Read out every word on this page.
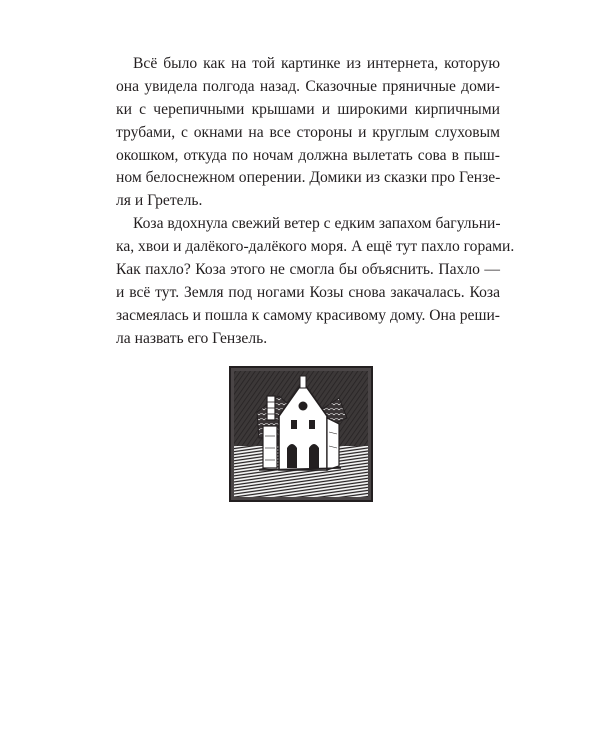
Всё было как на той картинке из интернета, которую
она увидела полгода назад. Сказочные пряничные доми-
ки с черепичными крышами и широкими кирпичными
трубами, с окнами на все стороны и круглым слуховым
окошком, откуда по ночам должна вылетать сова в пыш-
ном белоснежном оперении. Домики из сказки про Гензе-
ля и Гретель.
Коза вдохнула свежий ветер с едким запахом багульни-
ка, хвои и далёкого-далёкого моря. А ещё тут пахло горами.
Как пахло? Коза этого не смогла бы объяснить. Пахло —
и всё тут. Земля под ногами Козы снова закачалась. Коза
засмеялась и пошла к самому красивому дому. Она реши-
ла назвать его Гензель.
